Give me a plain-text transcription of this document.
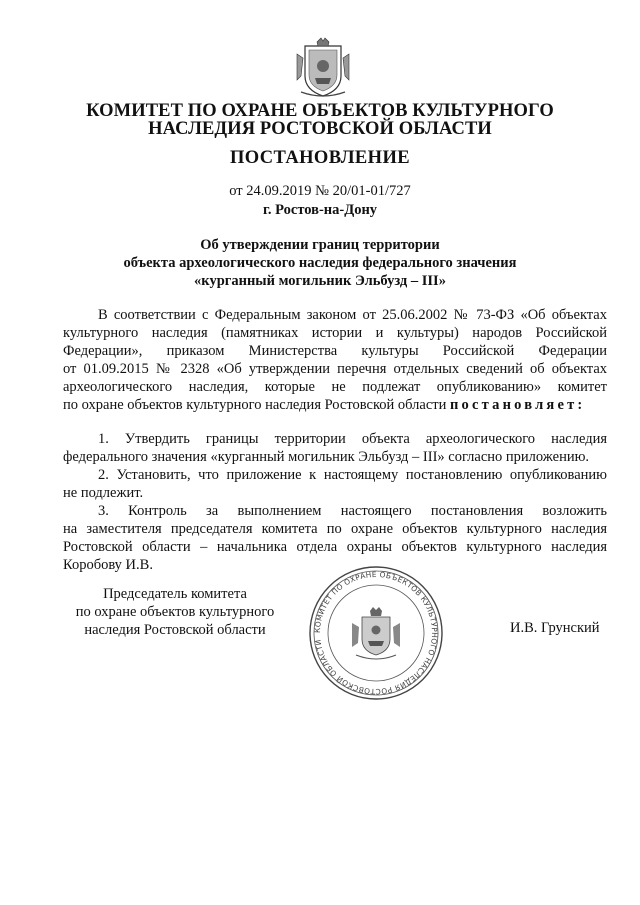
КОМИТЕТ ПО ОХРАНЕ ОБЪЕКТОВ КУЛЬТУРНОГО
НАСЛЕДИЯ РОСТОВСКОЙ ОБЛАСТИ
ПОСТАНОВЛЕНИЕ
от 24.09.2019 № 20/01-01/727
г. Ростов-на-Дону
Об утверждении границ территории
объекта археологического наследия федерального значения
«курганный могильник Эльбузд – III»
В соответствии с Федеральным законом от 25.06.2002 № 73-ФЗ «Об объектах
культурного наследия (памятниках истории и культуры) народов Российской
Федерации», приказом Министерства культуры Российской Федерации
от 01.09.2015 № 2328 «Об утверждении перечня отдельных сведений об объектах
археологического наследия, которые не подлежат опубликованию» комитет
по охране объектов культурного наследия Ростовской области постановляет:
1. Утвердить границы территории объекта археологического наследия
федерального значения «курганный могильник Эльбузд – III» согласно приложению.
2. Установить, что приложение к настоящему постановлению опубликованию
не подлежит.
3. Контроль за выполнением настоящего постановления возложить
на заместителя председателя комитета по охране объектов культурного наследия
Ростовской области – начальника отдела охраны объектов культурного наследия
Коробову И.В.
КОМИТЕТ ПО ОХРАНЕ ОБЪЕКТОВ КУЛЬТУРНОГО НАСЛЕДИЯ РОСТОВСКОЙ ОБЛАСТИ
Председатель комитета
по охране объектов культурного
наследия Ростовской области	И.В. Грунский
